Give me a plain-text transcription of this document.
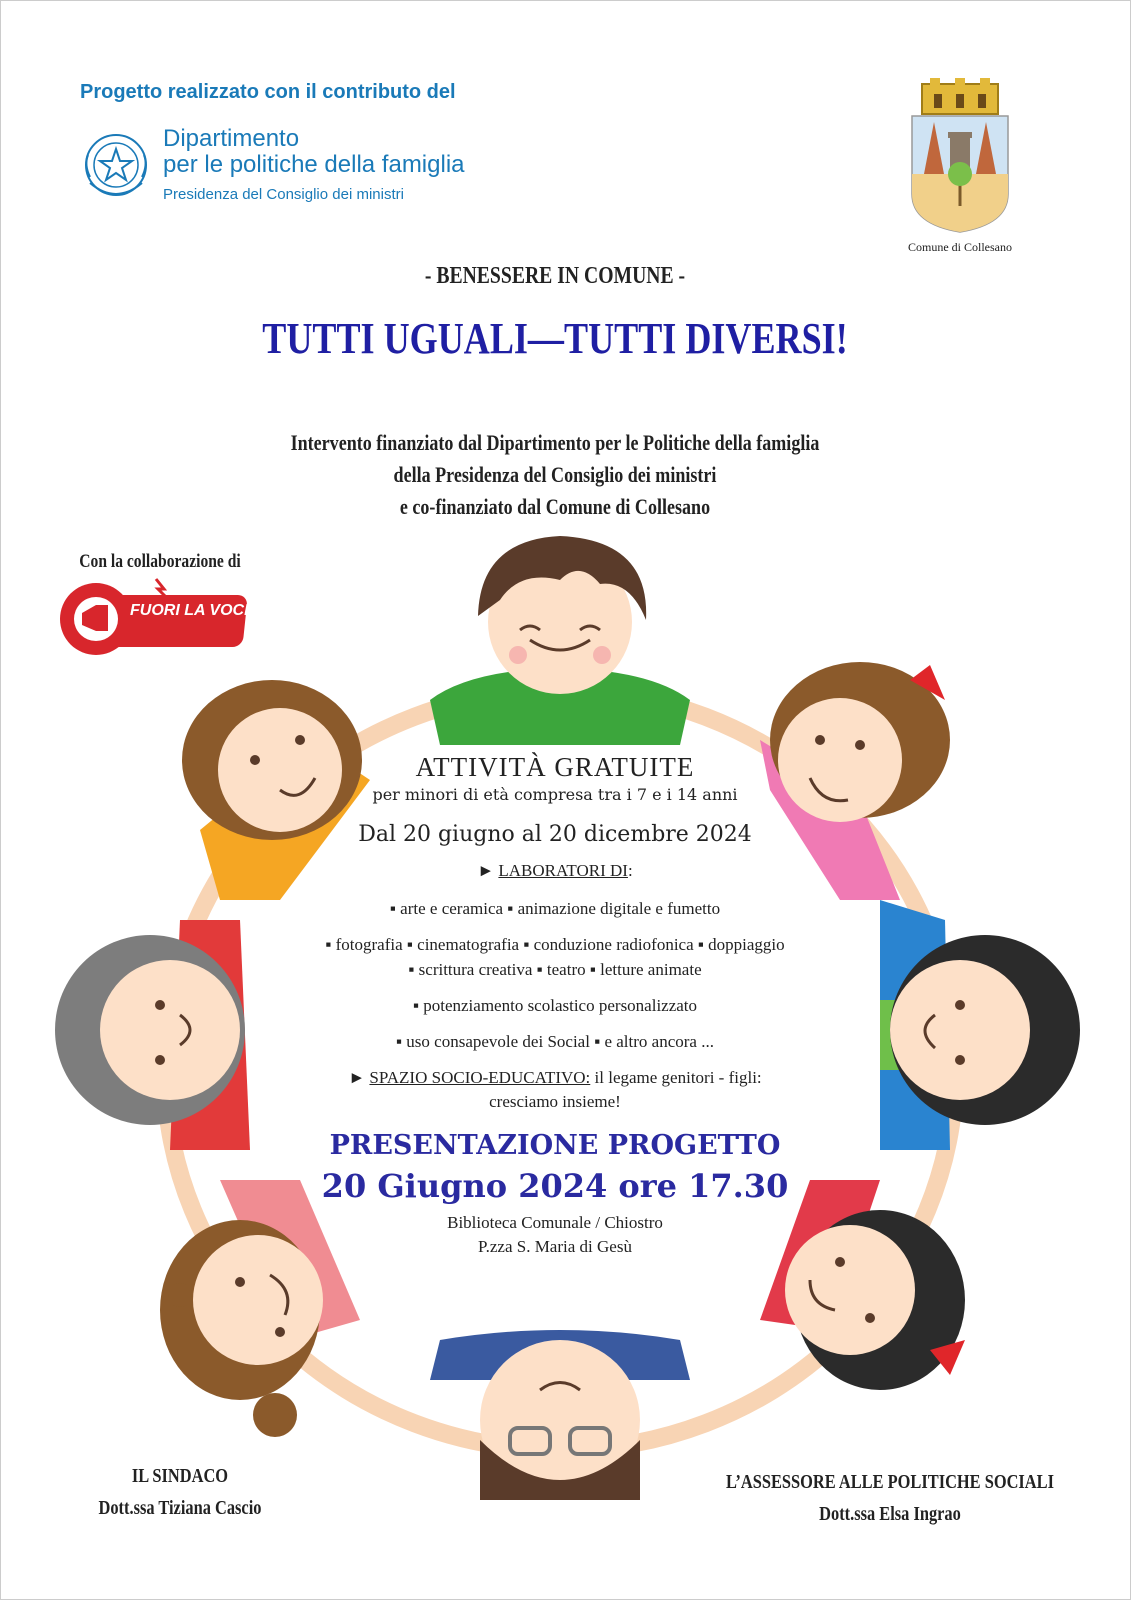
Progetto realizzato con il contributo del
Dipartimento
per le politiche della famiglia
Presidenza del Consiglio dei ministri
Comune di Collesano
- BENESSERE IN COMUNE -
TUTTI UGUALI—TUTTI DIVERSI!
Intervento finanziato dal Dipartimento per le Politiche della famiglia
della Presidenza del Consiglio dei ministri
e co-finanziato dal Comune di Collesano
Con la collaborazione di
FUORI LA VOCE!
ATTIVITÀ GRATUITE
per minori di età compresa tra i 7 e i 14 anni
Dal 20 giugno al 20 dicembre 2024
► LABORATORI DI:
▪ arte e ceramica ▪ animazione digitale e fumetto
▪ fotografia ▪ cinematografia ▪ conduzione radiofonica ▪ doppiaggio
▪ scrittura creativa ▪ teatro ▪ letture animate
▪ potenziamento scolastico personalizzato
▪ uso consapevole dei Social ▪ e altro ancora ...
► SPAZIO SOCIO-EDUCATIVO: il legame genitori - figli:
cresciamo insieme!
PRESENTAZIONE PROGETTO
20 Giugno 2024 ore 17.30
Biblioteca Comunale / Chiostro
P.zza S. Maria di Gesù
IL SINDACO
Dott.ssa Tiziana Cascio
L’ASSESSORE ALLE POLITICHE SOCIALI
Dott.ssa Elsa Ingrao
